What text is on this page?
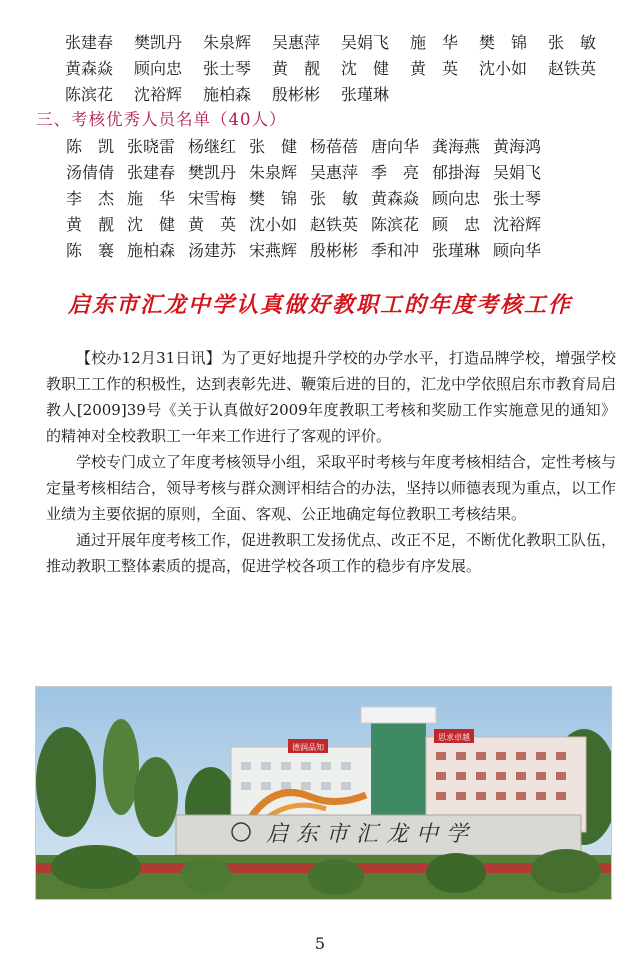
张建春	樊凯丹	朱泉辉	吴惠萍	吴娟飞	施　华	樊　锦	张　敏
黄森焱	顾向忠	张士琴	黄　靓	沈　健	黄　英	沈小如	赵铁英
陈滨花	沈裕辉	施柏森	殷彬彬	张瑾琳
三、考核优秀人员名单（40人）
陈　凯 张晓雷 杨继红 张　健 杨蓓蓓 唐向华 龚海燕 黄海鸿
汤倩倩 张建春 樊凯丹 朱泉辉 吴惠萍 季　亮 郁掛海 吴娟飞
李　杰 施　华 宋雪梅 樊　锦 张　敏 黄森焱 顾向忠 张士琴
黄　靓 沈　健 黄　英 沈小如 赵铁英 陈滨花 顾　忠 沈裕辉
陈　褰 施柏森 汤建苏 宋燕辉 殷彬彬 季和冲 张瑾琳 顾向华
启东市汇龙中学认真做好教职工的年度考核工作

【校办12月31日讯】为了更好地提升学校的办学水平，打造品牌学校，增强学校教职工工作的积极性，达到表彰先进、鞭策后进的目的，汇龙中学依照启东市教育局启教人[2009]39号《关于认真做好2009年度教职工考核和奖励工作实施意见的通知》的精神对全校教职工一年来工作进行了客观的评价。

学校专门成立了年度考核领导小组，采取平时考核与年度考核相结合，定性考核与定量考核相结合，领导考核与群众测评相结合的办法，坚持以师德表现为重点，以工作业绩为主要依据的原则，全面、客观、公正地确定每位教职工考核结果。

通过开展年度考核工作，促进教职工发扬优点、改正不足，不断优化教职工队伍，推动教职工整体素质的提高，促进学校各项工作的稳步有序发展。

德润品知
思求卓越
启东市汇龙中学
5
